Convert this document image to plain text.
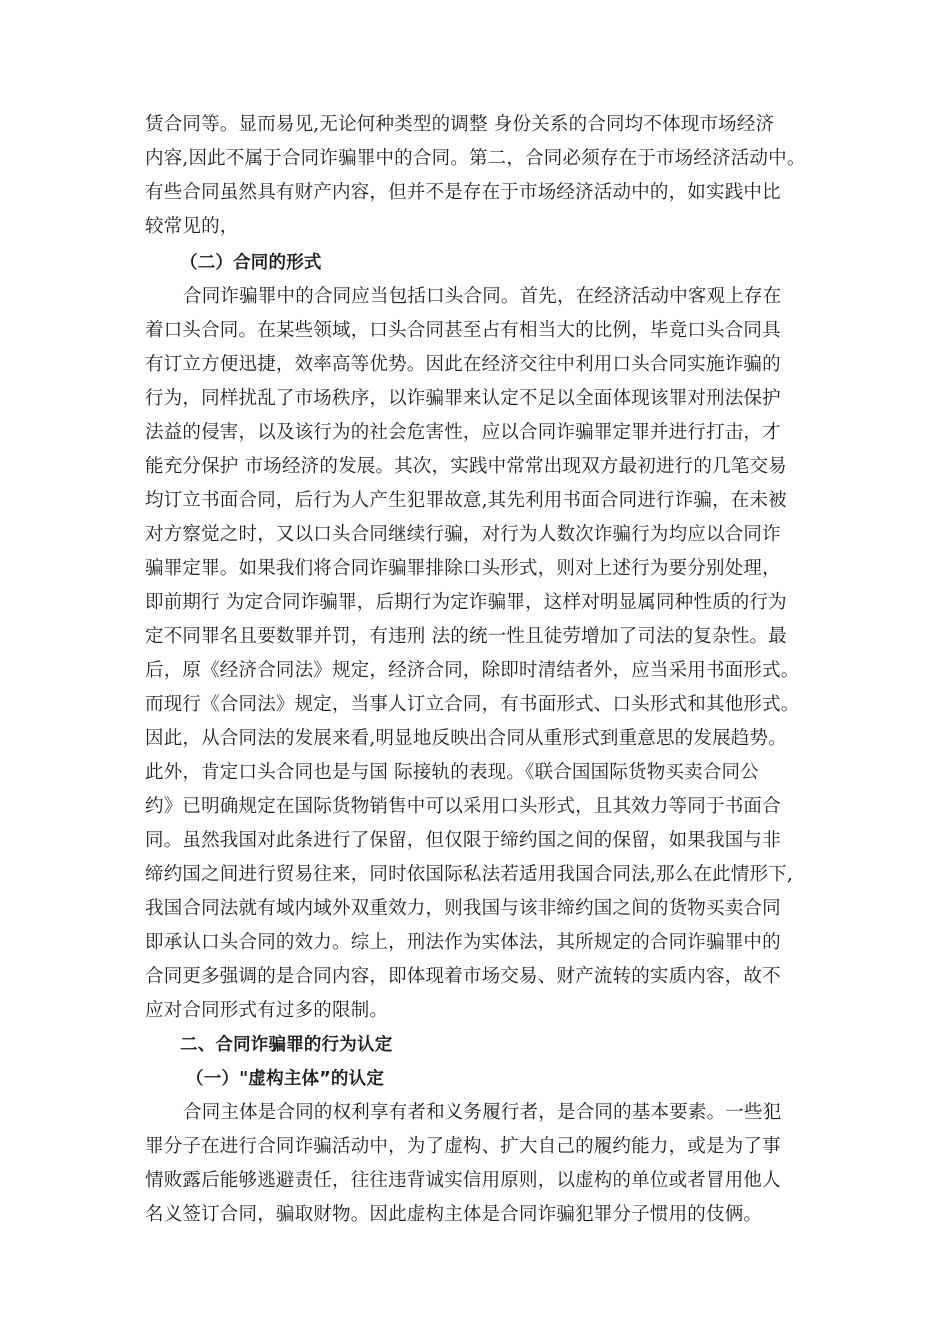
赁合同等。显而易见,无论何种类型的调整 身份关系的合同均不体现市场经济

内容,因此不属于合同诈骗罪中的合同。第二，合同必须存在于市场经济活动中。

有些合同虽然具有财产内容，但并不是存在于市场经济活动中的，如实践中比

较常见的，

（二）合同的形式

合同诈骗罪中的合同应当包括口头合同。首先，在经济活动中客观上存在

着口头合同。在某些领域，口头合同甚至占有相当大的比例，毕竟口头合同具

有订立方便迅捷，效率高等优势。因此在经济交往中利用口头合同实施诈骗的

行为，同样扰乱了市场秩序，以诈骗罪来认定不足以全面体现该罪对刑法保护

法益的侵害，以及该行为的社会危害性，应以合同诈骗罪定罪并进行打击，才

能充分保护 市场经济的发展。其次，实践中常常出现双方最初进行的几笔交易

均订立书面合同，后行为人产生犯罪故意,其先利用书面合同进行诈骗，在未被

对方察觉之时，又以口头合同继续行骗，对行为人数次诈骗行为均应以合同诈

骗罪定罪。如果我们将合同诈骗罪排除口头形式，则对上述行为要分别处理，

即前期行 为定合同诈骗罪，后期行为定诈骗罪，这样对明显属同种性质的行为

定不同罪名且要数罪并罚，有违刑 法的统一性且徒劳增加了司法的复杂性。最

后，原《经济合同法》规定，经济合同，除即时清结者外，应当采用书面形式。

而现行《合同法》规定，当事人订立合同，有书面形式、口头形式和其他形式。

因此，从合同法的发展来看,明显地反映出合同从重形式到重意思的发展趋势。

此外，肯定口头合同也是与国 际接轨的表现。《联合国国际货物买卖合同公

约》已明确规定在国际货物销售中可以采用口头形式，且其效力等同于书面合

同。虽然我国对此条进行了保留，但仅限于缔约国之间的保留，如果我国与非

缔约国之间进行贸易往来，同时依国际私法若适用我国合同法,那么在此情形下,

我国合同法就有域内域外双重效力，则我国与该非缔约国之间的货物买卖合同

即承认口头合同的效力。综上，刑法作为实体法，其所规定的合同诈骗罪中的

合同更多强调的是合同内容，即体现着市场交易、财产流转的实质内容，故不

应对合同形式有过多的限制。

二、合同诈骗罪的行为认定

（一）"虚构主体”的认定

合同主体是合同的权利享有者和义务履行者，是合同的基本要素。一些犯

罪分子在进行合同诈骗活动中，为了虚构、扩大自己的履约能力，或是为了事

情败露后能够逃避责任，往往违背诚实信用原则，以虚构的单位或者冒用他人

名义签订合同，骗取财物。因此虚构主体是合同诈骗犯罪分子惯用的伎俩。
